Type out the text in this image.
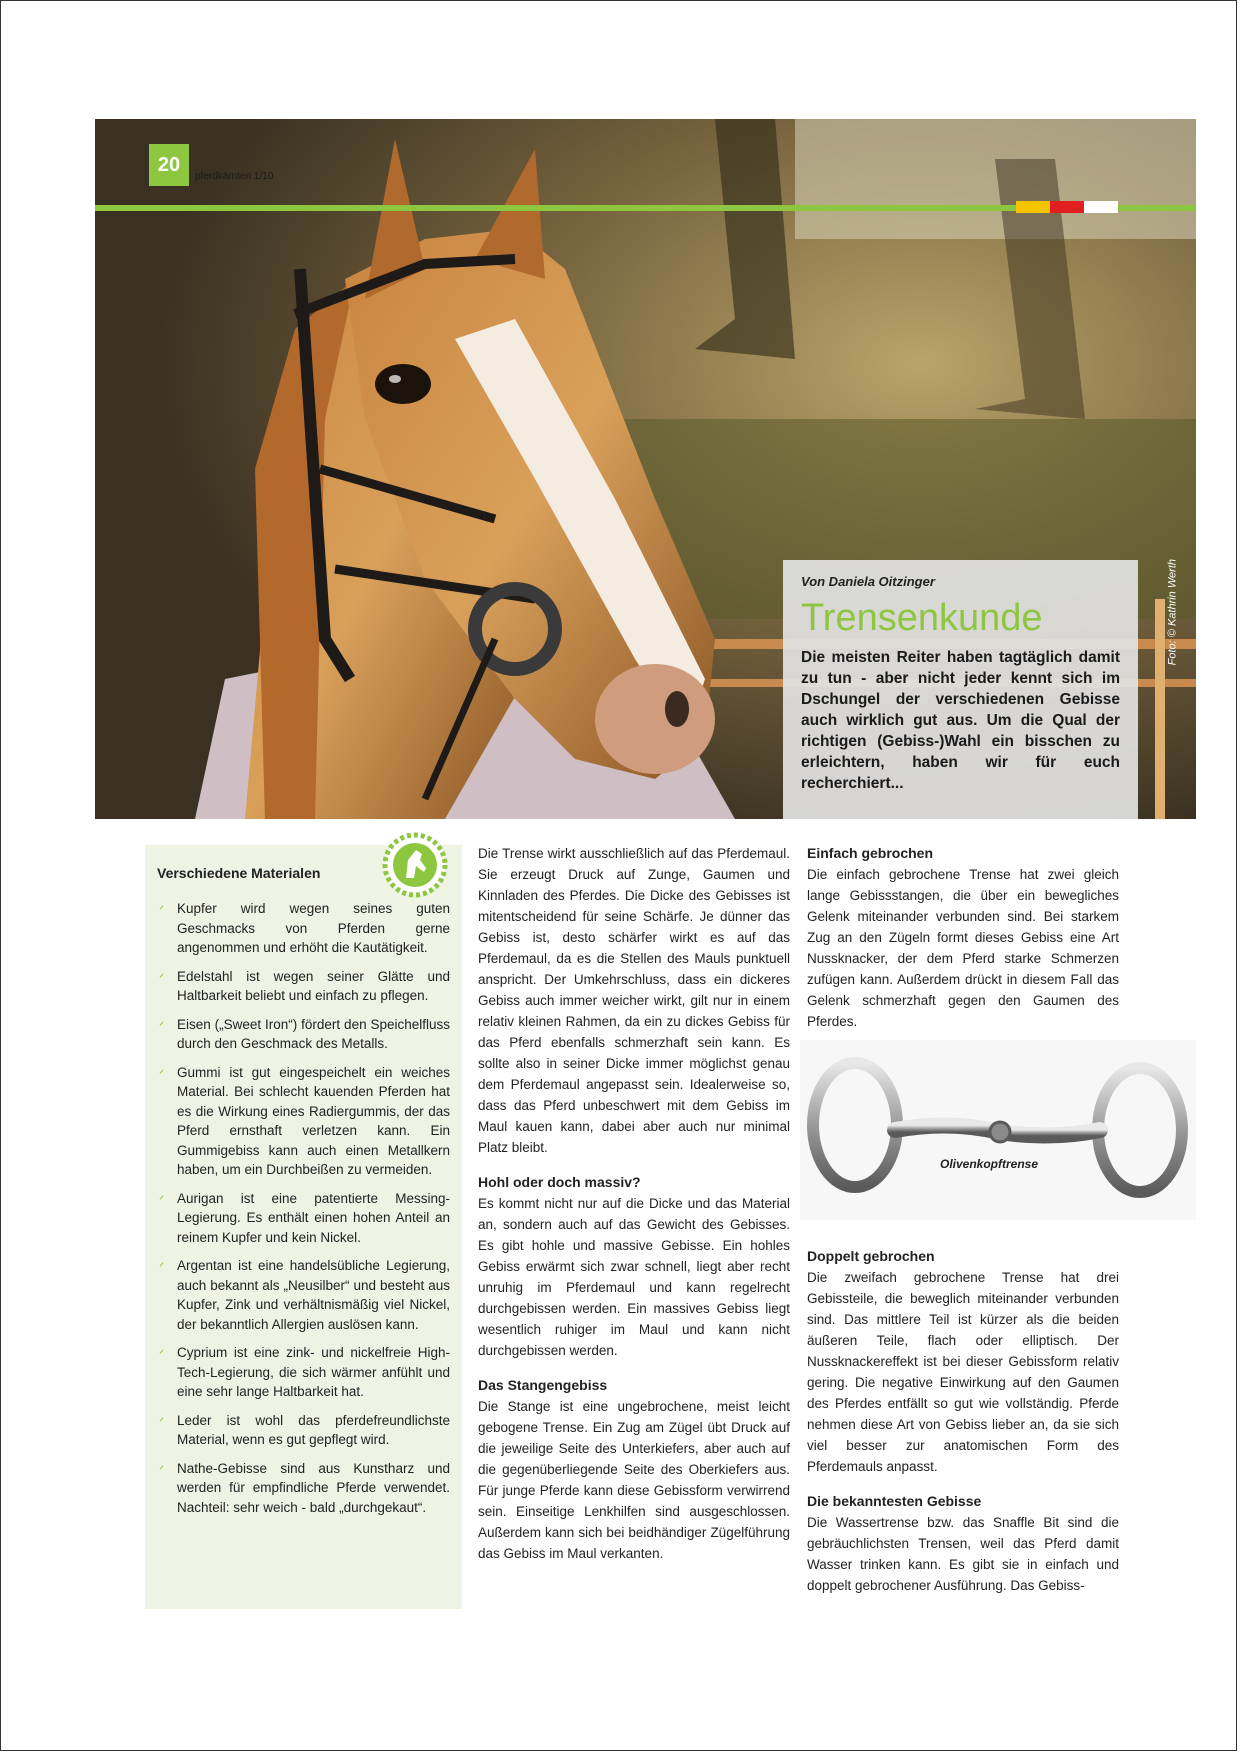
20
pferdkärnten 1/10
Foto: © Kathrin Werth

Von Daniela Oitzinger

Trensenkunde

Die meisten Reiter haben tagtäglich damit zu tun - aber nicht jeder kennt sich im Dschungel der verschiedenen Gebisse auch wirklich gut aus. Um die Qual der richtigen (Gebiss-)Wahl ein bisschen zu erleichtern, haben wir für euch recherchiert...

Verschiedene Materialen
ᐟ Kupfer wird wegen seines guten Geschmacks von Pferden gerne angenommen und erhöht die Kautätigkeit.
ᐟ Edelstahl ist wegen seiner Glätte und Haltbarkeit beliebt und einfach zu pflegen.
ᐟ Eisen („Sweet Iron“) fördert den Speichelfluss durch den Geschmack des Metalls.
ᐟ Gummi ist gut eingespeichelt ein weiches Material. Bei schlecht kauenden Pferden hat es die Wirkung eines Radiergummis, der das Pferd ernsthaft verletzen kann. Ein Gummigebiss kann auch einen Metallkern haben, um ein Durchbeißen zu vermeiden.
ᐟ Aurigan ist eine patentierte Messing-Legierung. Es enthält einen hohen Anteil an reinem Kupfer und kein Nickel.
ᐟ Argentan ist eine handelsübliche Legierung, auch bekannt als „Neusilber“ und besteht aus Kupfer, Zink und verhältnismäßig viel Nickel, der bekanntlich Allergien auslösen kann.
ᐟ Cyprium ist eine zink- und nickelfreie High-Tech-Legierung, die sich wärmer anfühlt und eine sehr lange Haltbarkeit hat.
ᐟ Leder ist wohl das pferdefreundlichste Material, wenn es gut gepflegt wird.
ᐟ Nathe-Gebisse sind aus Kunstharz und werden für empfindliche Pferde verwendet. Nachteil: sehr weich - bald „durchgekaut“.

Die Trense wirkt ausschließlich auf das Pferdemaul. Sie erzeugt Druck auf Zunge, Gaumen und Kinnladen des Pferdes. Die Dicke des Gebisses ist mitentscheidend für seine Schärfe. Je dünner das Gebiss ist, desto schärfer wirkt es auf das Pferdemaul, da es die Stellen des Mauls punktuell anspricht. Der Umkehrschluss, dass ein dickeres Gebiss auch immer weicher wirkt, gilt nur in einem relativ kleinen Rahmen, da ein zu dickes Gebiss für das Pferd ebenfalls schmerzhaft sein kann. Es sollte also in seiner Dicke immer möglichst genau dem Pferdemaul angepasst sein. Idealerweise so, dass das Pferd unbeschwert mit dem Gebiss im Maul kauen kann, dabei aber auch nur minimal Platz bleibt.

Hohl oder doch massiv?

Es kommt nicht nur auf die Dicke und das Material an, sondern auch auf das Gewicht des Gebisses. Es gibt hohle und massive Gebisse. Ein hohles Gebiss erwärmt sich zwar schnell, liegt aber recht unruhig im Pferdemaul und kann regelrecht durchgebissen werden. Ein massives Gebiss liegt wesentlich ruhiger im Maul und kann nicht durchgebissen werden.

Das Stangengebiss

Die Stange ist eine ungebrochene, meist leicht gebogene Trense. Ein Zug am Zügel übt Druck auf die jeweilige Seite des Unterkiefers, aber auch auf die gegenüberliegende Seite des Oberkiefers aus. Für junge Pferde kann diese Gebissform verwirrend sein. Einseitige Lenkhilfen sind ausgeschlossen. Außerdem kann sich bei beidhändiger Zügelführung das Gebiss im Maul verkanten.

Einfach gebrochen

Die einfach gebrochene Trense hat zwei gleich lange Gebissstangen, die über ein bewegliches Gelenk miteinander verbunden sind. Bei starkem Zug an den Zügeln formt dieses Gebiss eine Art Nussknacker, der dem Pferd starke Schmerzen zufügen kann. Außerdem drückt in diesem Fall das Gelenk schmerzhaft gegen den Gaumen des Pferdes.

Doppelt gebrochen

Die zweifach gebrochene Trense hat drei Gebissteile, die beweglich miteinander verbunden sind. Das mittlere Teil ist kürzer als die beiden äußeren Teile, flach oder elliptisch. Der Nussknackereffekt ist bei dieser Gebissform relativ gering. Die negative Einwirkung auf den Gaumen des Pferdes entfällt so gut wie vollständig. Pferde nehmen diese Art von Gebiss lieber an, da sie sich viel besser zur anatomischen Form des Pferdemauls anpasst.

Die bekanntesten Gebisse

Die Wassertrense bzw. das Snaffle Bit sind die gebräuchlichsten Trensen, weil das Pferd damit Wasser trinken kann. Es gibt sie in einfach und doppelt gebrochener Ausführung. Das Gebiss-

Olivenkopftrense
